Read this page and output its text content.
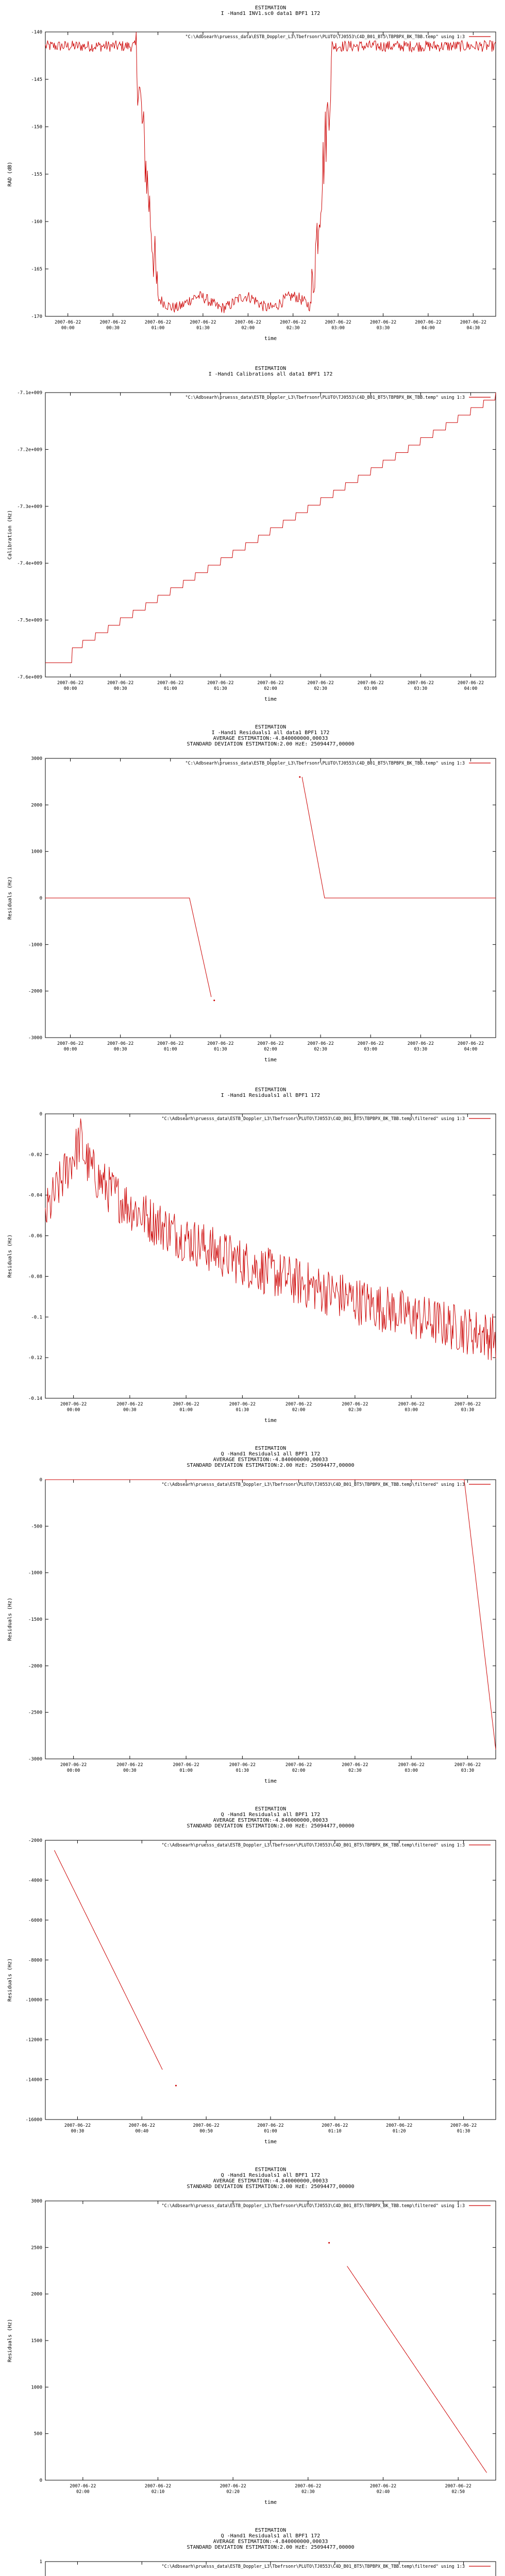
ESTIMATION
I -Hand1 INV1.sc0 data1 BPF1 172
"C:\Adbsearh\pruesss_data\ESTB_Doppler_L3\Tbefrsonr\PLUTO\TJ0553\C4D_B01_BT5\TBPBPX_BK_TBB.temp" using 1:3
-140
-145
-150
-155
-160
-165
-170
2007-06-22
00:00
2007-06-22
00:30
2007-06-22
01:00
2007-06-22
01:30
2007-06-22
02:00
2007-06-22
02:30
2007-06-22
03:00
2007-06-22
03:30
2007-06-22
04:00
2007-06-22
04:30
time
RAD (dB)
ESTIMATION
I -Hand1 Calibrations all data1 BPF1 172
"C:\Adbsearh\pruesss_data\ESTB_Doppler_L3\Tbefrsonr\PLUTO\TJ0553\C4D_B01_BT5\TBPBPX_BK_TBB.temp" using 1:3
-7.1e+009
-7.2e+009
-7.3e+009
-7.4e+009
-7.5e+009
-7.6e+009
2007-06-22
00:00
2007-06-22
00:30
2007-06-22
01:00
2007-06-22
01:30
2007-06-22
02:00
2007-06-22
02:30
2007-06-22
03:00
2007-06-22
03:30
2007-06-22
04:00
time
Calibration (Hz)
ESTIMATION
I -Hand1 Residuals1 all data1 BPF1 172
AVERAGE ESTIMATION:-4.840000000,00033
STANDARD DEVIATION ESTIMATION:2.00 HzE: 25094477,00000
"C:\Adbsearh\pruesss_data\ESTB_Doppler_L3\Tbefrsonr\PLUTO\TJ0553\C4D_B01_BT5\TBPBPX_BK_TBB.temp" using 1:3
3000
2000
1000
0
-1000
-2000
-3000
2007-06-22
00:00
2007-06-22
00:30
2007-06-22
01:00
2007-06-22
01:30
2007-06-22
02:00
2007-06-22
02:30
2007-06-22
03:00
2007-06-22
03:30
2007-06-22
04:00
time
Residuals (Hz)
ESTIMATION
I -Hand1 Residuals1 all BPF1 172
"C:\Adbsearh\pruesss_data\ESTB_Doppler_L3\Tbefrsonr\PLUTO\TJ0553\C4D_B01_BT5\TBPBPX_BK_TBB.temp\filtered" using 1:3
0
-0.02
-0.04
-0.06
-0.08
-0.1
-0.12
-0.14
2007-06-22
00:00
2007-06-22
00:30
2007-06-22
01:00
2007-06-22
01:30
2007-06-22
02:00
2007-06-22
02:30
2007-06-22
03:00
2007-06-22
03:30
time
Residuals (Hz)
ESTIMATION
Q -Hand1 Residuals1 all BPF1 172
AVERAGE ESTIMATION:-4.840000000,00033
STANDARD DEVIATION ESTIMATION:2.00 HzE: 25094477,00000
"C:\Adbsearh\pruesss_data\ESTB_Doppler_L3\Tbefrsonr\PLUTO\TJ0553\C4D_B01_BT5\TBPBPX_BK_TBB.temp\filtered" using 1:3
0
-500
-1000
-1500
-2000
-2500
-3000
2007-06-22
00:00
2007-06-22
00:30
2007-06-22
01:00
2007-06-22
01:30
2007-06-22
02:00
2007-06-22
02:30
2007-06-22
03:00
2007-06-22
03:30
time
Residuals (Hz)
ESTIMATION
Q -Hand1 Residuals1 all BPF1 172
AVERAGE ESTIMATION:-4.840000000,00033
STANDARD DEVIATION ESTIMATION:2.00 HzE: 25094477,00000
"C:\Adbsearh\pruesss_data\ESTB_Doppler_L3\Tbefrsonr\PLUTO\TJ0553\C4D_B01_BT5\TBPBPX_BK_TBB.temp\filtered" using 1:3
-2000
-4000
-6000
-8000
-10000
-12000
-14000
-16000
2007-06-22
00:30
2007-06-22
00:40
2007-06-22
00:50
2007-06-22
01:00
2007-06-22
01:10
2007-06-22
01:20
2007-06-22
01:30
time
Residuals (Hz)
ESTIMATION
Q -Hand1 Residuals1 all BPF1 172
AVERAGE ESTIMATION:-4.840000000,00033
STANDARD DEVIATION ESTIMATION:2.00 HzE: 25094477,00000
"C:\Adbsearh\pruesss_data\ESTB_Doppler_L3\Tbefrsonr\PLUTO\TJ0553\C4D_B01_BT5\TBPBPX_BK_TBB.temp\filtered" using 1:3
3000
2500
2000
1500
1000
500
0
2007-06-22
02:00
2007-06-22
02:10
2007-06-22
02:20
2007-06-22
02:30
2007-06-22
02:40
2007-06-22
02:50
time
Residuals (Hz)
ESTIMATION
Q -Hand1 Residuals1 all BPF1 172
AVERAGE ESTIMATION:-4.840000000,00033
STANDARD DEVIATION ESTIMATION:2.00 HzE: 25094477,00000
"C:\Adbsearh\pruesss_data\ESTB_Doppler_L3\Tbefrsonr\PLUTO\TJ0553\C4D_B01_BT5\TBPBPX_BK_TBB.temp\filtered" using 1:3
1
